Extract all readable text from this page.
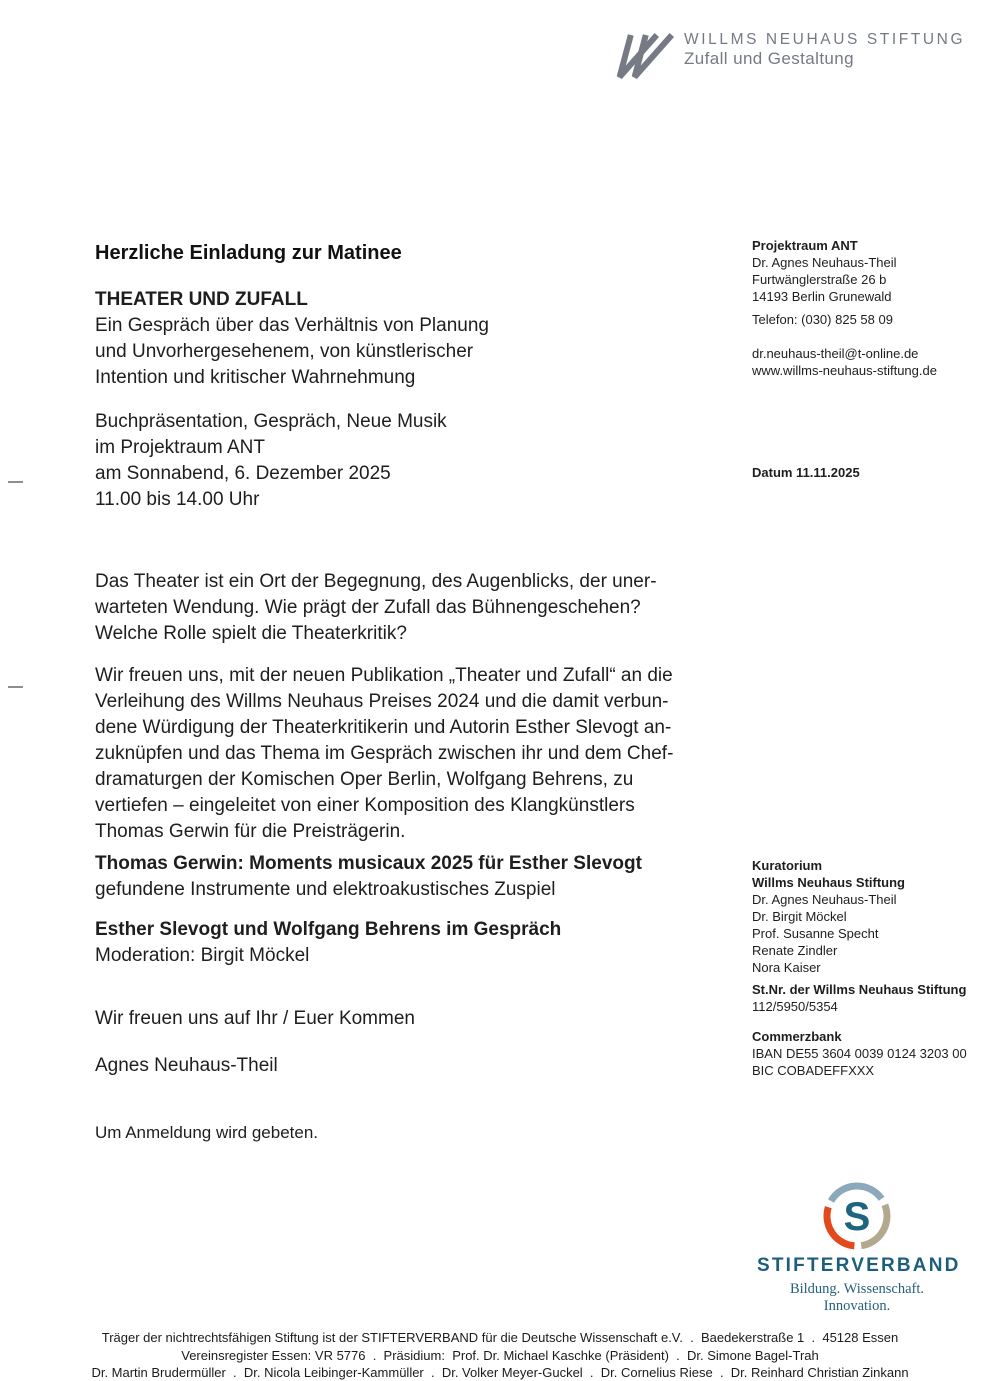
WILLMS NEUHAUS STIFTUNG
Zufall und Gestaltung
Herzliche Einladung zur Matinee
THEATER UND ZUFALL
Ein Gespräch über das Verhältnis von Planung
und Unvorhergesehenem, von künstlerischer
Intention und kritischer Wahrnehmung
Buchpräsentation, Gespräch, Neue Musik
im Projektraum ANT
am Sonnabend, 6. Dezember 2025
11.00 bis 14.00 Uhr
Das Theater ist ein Ort der Begegnung, des Augenblicks, der uner-
warteten Wendung. Wie prägt der Zufall das Bühnengeschehen?
Welche Rolle spielt die Theaterkritik?
Wir freuen uns, mit der neuen Publikation „Theater und Zufall“ an die
Verleihung des Willms Neuhaus Preises 2024 und die damit verbun-
dene Würdigung der Theaterkritikerin und Autorin Esther Slevogt an-
zuknüpfen und das Thema im Gespräch zwischen ihr und dem Chef-
dramaturgen der Komischen Oper Berlin, Wolfgang Behrens, zu
vertiefen – eingeleitet von einer Komposition des Klangkünstlers
Thomas Gerwin für die Preisträgerin.
Thomas Gerwin: Moments musicaux 2025 für Esther Slevogt
gefundene Instrumente und elektroakustisches Zuspiel
Esther Slevogt und Wolfgang Behrens im Gespräch
Moderation: Birgit Möckel
Wir freuen uns auf Ihr / Euer Kommen
Agnes Neuhaus-Theil
Um Anmeldung wird gebeten.
Projektraum ANT
Dr. Agnes Neuhaus-Theil
Furtwänglerstraße 26 b
14193 Berlin Grunewald
Telefon: (030) 825 58 09
dr.neuhaus-theil@t-online.de
www.willms-neuhaus-stiftung.de
Datum 11.11.2025
Kuratorium
Willms Neuhaus Stiftung
Dr. Agnes Neuhaus-Theil
Dr. Birgit Möckel
Prof. Susanne Specht
Renate Zindler
Nora Kaiser
St.Nr. der Willms Neuhaus Stiftung
112/5950/5354
Commerzbank
IBAN DE55 3604 0039 0124 3203 00
BIC COBADEFFXXX
S
STIFTERVERBAND
Bildung. Wissenschaft. Innovation.
Träger der nichtrechtsfähigen Stiftung ist der STIFTERVERBAND für die Deutsche Wissenschaft e.V.  .  Baedekerstraße 1  .  45128 Essen
Vereinsregister Essen: VR 5776  .  Präsidium:  Prof. Dr. Michael Kaschke (Präsident)  .  Dr. Simone Bagel-Trah
Dr. Martin Brudermüller  .  Dr. Nicola Leibinger-Kammüller  .  Dr. Volker Meyer-Guckel  .  Dr. Cornelius Riese  .  Dr. Reinhard Christian Zinkann
